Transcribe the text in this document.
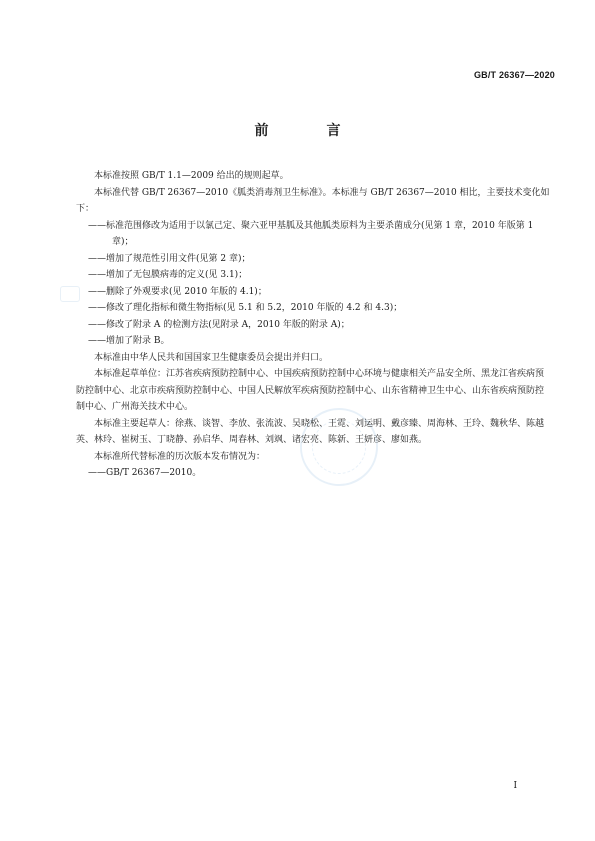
GB/T 26367—2020
前　言

本标准按照 GB/T 1.1—2009 给出的规则起草。

本标准代替 GB/T 26367—2010《胍类消毒剂卫生标准》。本标准与 GB/T 26367—2010 相比，主要技术变化如下：

——标准范围修改为适用于以氯己定、聚六亚甲基胍及其他胍类原料为主要杀菌成分(见第 1 章，2010 年版第 1 章)；

——增加了规范性引用文件(见第 2 章)；

——增加了无包膜病毒的定义(见 3.1)；

——删除了外观要求(见 2010 年版的 4.1)；

——修改了理化指标和微生物指标(见 5.1 和 5.2，2010 年版的 4.2 和 4.3)；

——修改了附录 A 的检测方法(见附录 A，2010 年版的附录 A)；

——增加了附录 B。

本标准由中华人民共和国国家卫生健康委员会提出并归口。

本标准起草单位：江苏省疾病预防控制中心、中国疾病预防控制中心环境与健康相关产品安全所、黑龙江省疾病预防控制中心、北京市疾病预防控制中心、中国人民解放军疾病预防控制中心、山东省精神卫生中心、山东省疾病预防控制中心、广州海关技术中心。

本标准主要起草人：徐燕、谈智、李放、张流波、吴晓松、王霓、刘运明、戴彦臻、周海林、王玲、魏秋华、陈越英、林玲、崔树玉、丁晓静、孙启华、周春林、刘飒、诸宏亮、陈新、王妍彦、廖如燕。

本标准所代替标准的历次版本发布情况为：

——GB/T 26367—2010。

I
